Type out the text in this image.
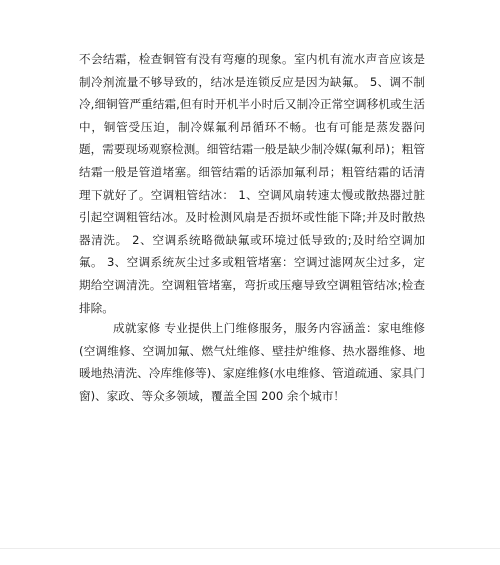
不会结霜，检查铜管有没有弯瘪的现象。室内机有流水声音应该是制冷剂流量不够导致的，结冰是连锁反应是因为缺氟。 5、调不制冷,细铜管严重结霜,但有时开机半小时后又制冷正常空调移机或生活中，铜管受压迫，制冷媒氟利昂循环不畅。也有可能是蒸发器问题，需要现场观察检测。细管结霜一般是缺少制冷媒(氟利昂)；粗管结霜一般是管道堵塞。细管结霜的话添加氟利昂；粗管结霜的话清理下就好了。空调粗管结冰： 1、空调风扇转速太慢或散热器过脏引起空调粗管结冰。及时检测风扇是否损坏或性能下降;并及时散热器清洗。 2、空调系统略微缺氟或环境过低导致的;及时给空调加氟。 3、空调系统灰尘过多或粗管堵塞：空调过滤网灰尘过多，定期给空调清洗。空调粗管堵塞，弯折或压瘪导致空调粗管结冰;检查排除。

成就家修 专业提供上门维修服务，服务内容涵盖：家电维修(空调维修、空调加氟、燃气灶维修、壁挂炉维修、热水器维修、地暖地热清洗、冷库维修等)、家庭维修(水电维修、管道疏通、家具门窗)、家政、等众多领域，覆盖全国 200 余个城市！
